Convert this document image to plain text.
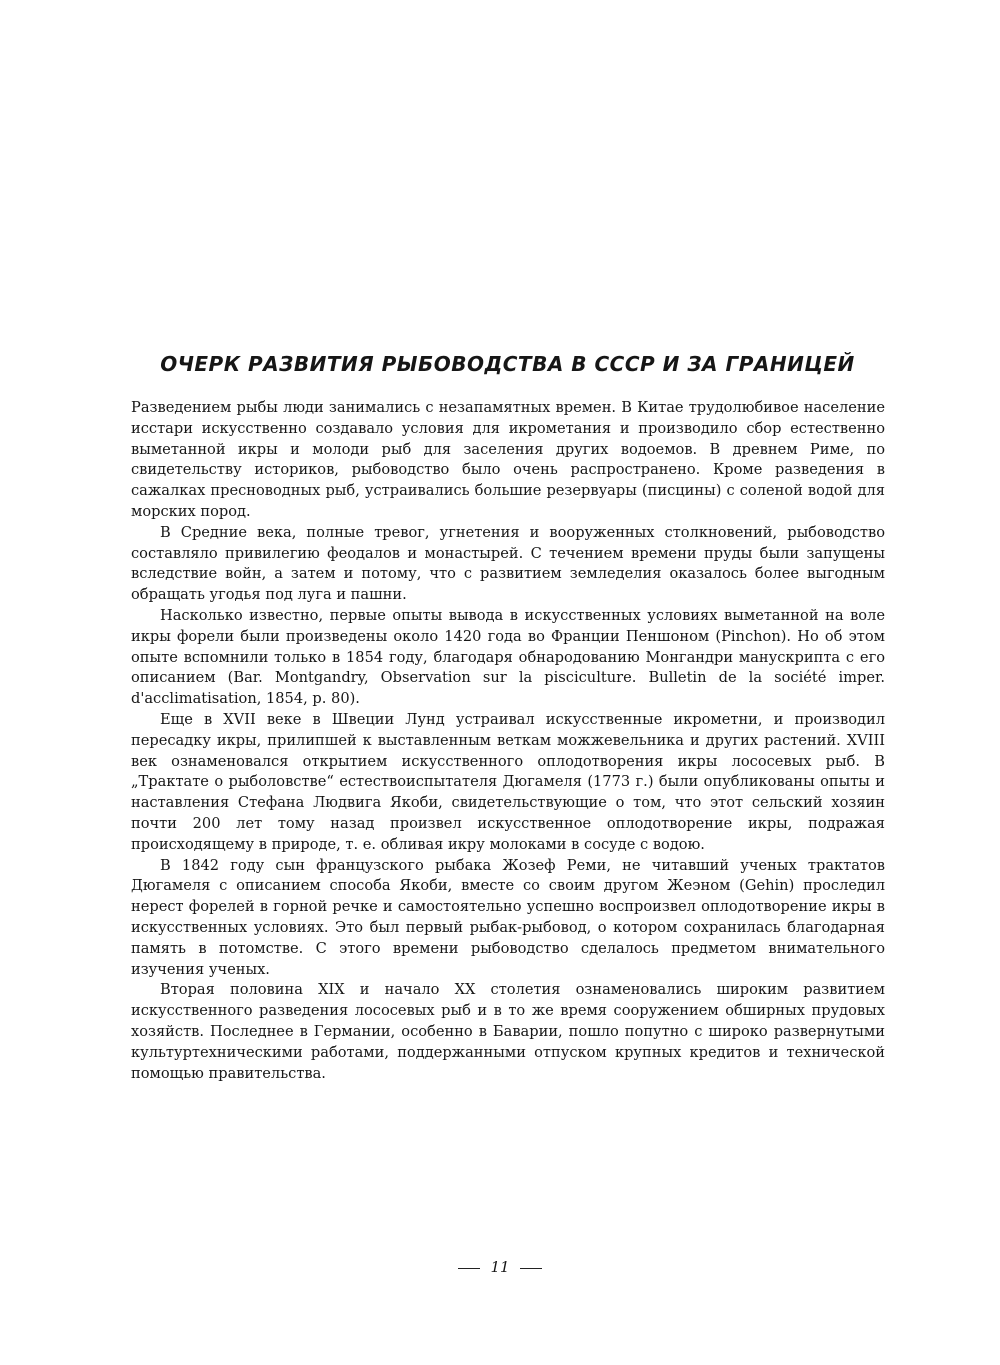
ОЧЕРК РАЗВИТИЯ РЫБОВОДСТВА В СССР И ЗА ГРАНИЦЕЙ

Разведением рыбы люди занимались с незапамятных времен. В Китае трудолюбивое население исстари искусственно создавало условия для икрометания и производило сбор естественно выметанной икры и молоди рыб для заселения других водоемов. В древнем Риме, по свидетельству историков, рыбоводство было очень распространено. Кроме разведения в сажалках пресноводных рыб, устраивались большие резервуары (писцины) с соленой водой для морских пород.

В Средние века, полные тревог, угнетения и вооруженных столкновений, рыбоводство составляло привилегию феодалов и монастырей. С течением времени пруды были запущены вследствие войн, а затем и потому, что с развитием земледелия оказалось более выгодным обращать угодья под луга и пашни.

Насколько известно, первые опыты вывода в искусственных условиях выметанной на воле икры форели были произведены около 1420 года во Франции Пеншоном (Pinchon). Но об этом опыте вспомнили только в 1854 году, благодаря обнародованию Монгандри манускрипта с его описанием (Bar. Montgandry, Observation sur la pisciculture. Bulletin de la société imper. d'acclimatisation, 1854, p. 80).

Еще в XVII веке в Швеции Лунд устраивал искусственные икрометни, и производил пересадку икры, прилипшей к выставленным веткам можжевельника и других растений. XVIII век ознаменовался открытием искусственного оплодотворения икры лососевых рыб. В „Трактате о рыболовстве“ естествоиспытателя Дюгамеля (1773 г.) были опубликованы опыты и наставления Стефана Людвига Якоби, свидетельствующие о том, что этот сельский хозяин почти 200 лет тому назад произвел искусственное оплодотворение икры, подражая происходящему в природе, т. е. обливая икру молоками в сосуде с водою.

В 1842 году сын французского рыбака Жозеф Реми, не читавший ученых трактатов Дюгамеля с описанием способа Якоби, вместе со своим другом Жеэном (Gehin) проследил нерест форелей в горной речке и самостоятельно успешно воспроизвел оплодотворение икры в искусственных условиях. Это был первый рыбак-рыбовод, о котором сохранилась благодарная память в потомстве. С этого времени рыбоводство сделалось предметом внимательного изучения ученых.

Вторая половина XIX и начало XX столетия ознаменовались широким развитием искусственного разведения лососевых рыб и в то же время сооружением обширных прудовых хозяйств. Последнее в Германии, особенно в Баварии, пошло попутно с широко развернутыми культуртехническими работами, поддержанными отпуском крупных кредитов и технической помощью правительства.

11
